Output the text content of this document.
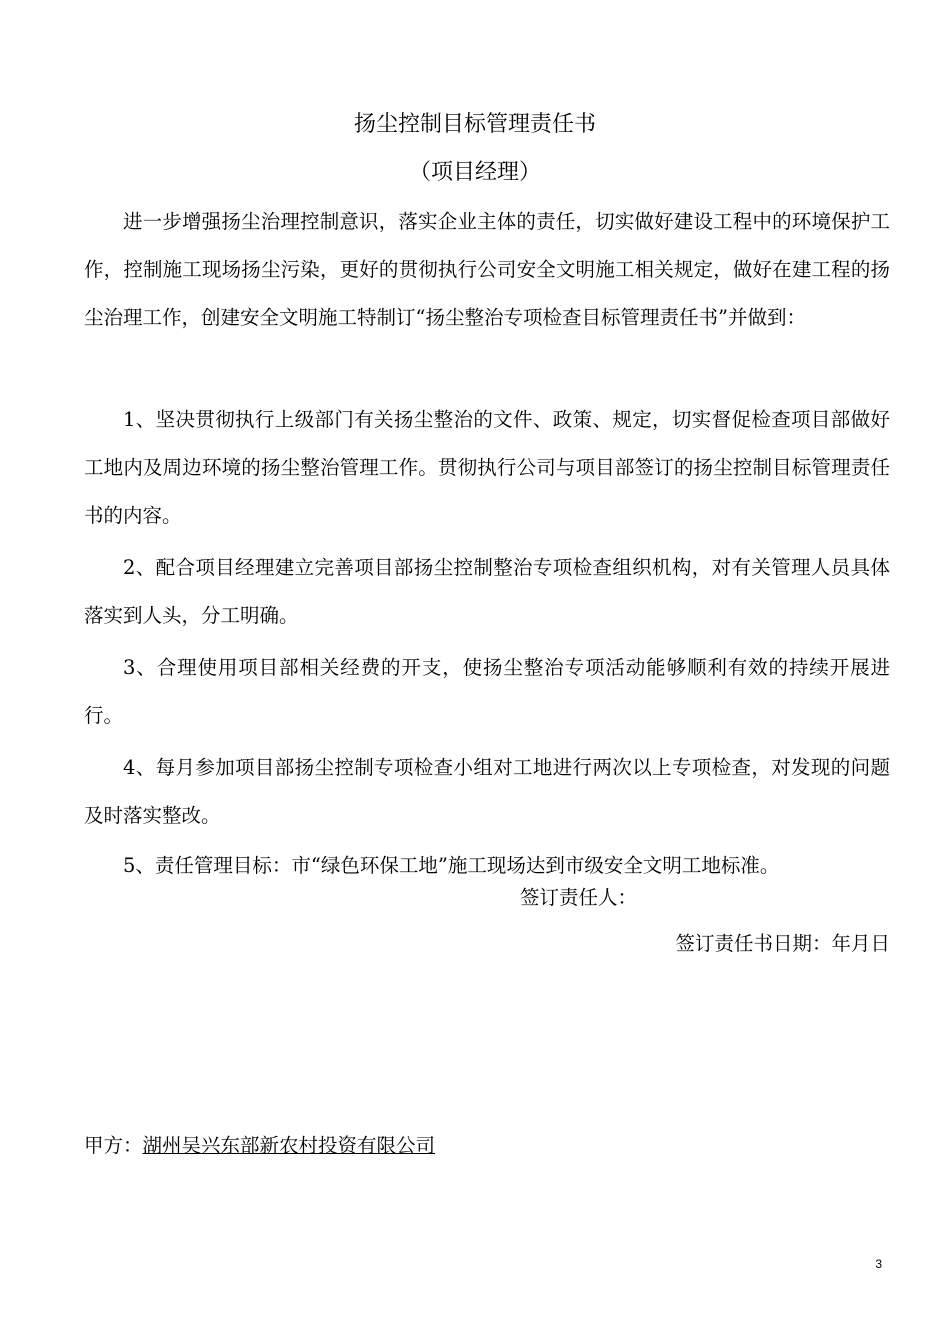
扬尘控制目标管理责任书
（项目经理）

进一步增强扬尘治理控制意识，落实企业主体的责任，切实做好建设工程中的环境保护工作，控制施工现场扬尘污染，更好的贯彻执行公司安全文明施工相关规定，做好在建工程的扬尘治理工作，创建安全文明施工特制订“扬尘整治专项检查目标管理责任书”并做到：

1、坚决贯彻执行上级部门有关扬尘整治的文件、政策、规定，切实督促检查项目部做好工地内及周边环境的扬尘整治管理工作。贯彻执行公司与项目部签订的扬尘控制目标管理责任书的内容。

2、配合项目经理建立完善项目部扬尘控制整治专项检查组织机构，对有关管理人员具体落实到人头，分工明确。

3、合理使用项目部相关经费的开支，使扬尘整治专项活动能够顺利有效的持续开展进行。

4、每月参加项目部扬尘控制专项检查小组对工地进行两次以上专项检查，对发现的问题及时落实整改。

5、责任管理目标：市“绿色环保工地”施工现场达到市级安全文明工地标准。

签订责任人：
签订责任书日期：年月日
甲方：湖州吴兴东部新农村投资有限公司
3
